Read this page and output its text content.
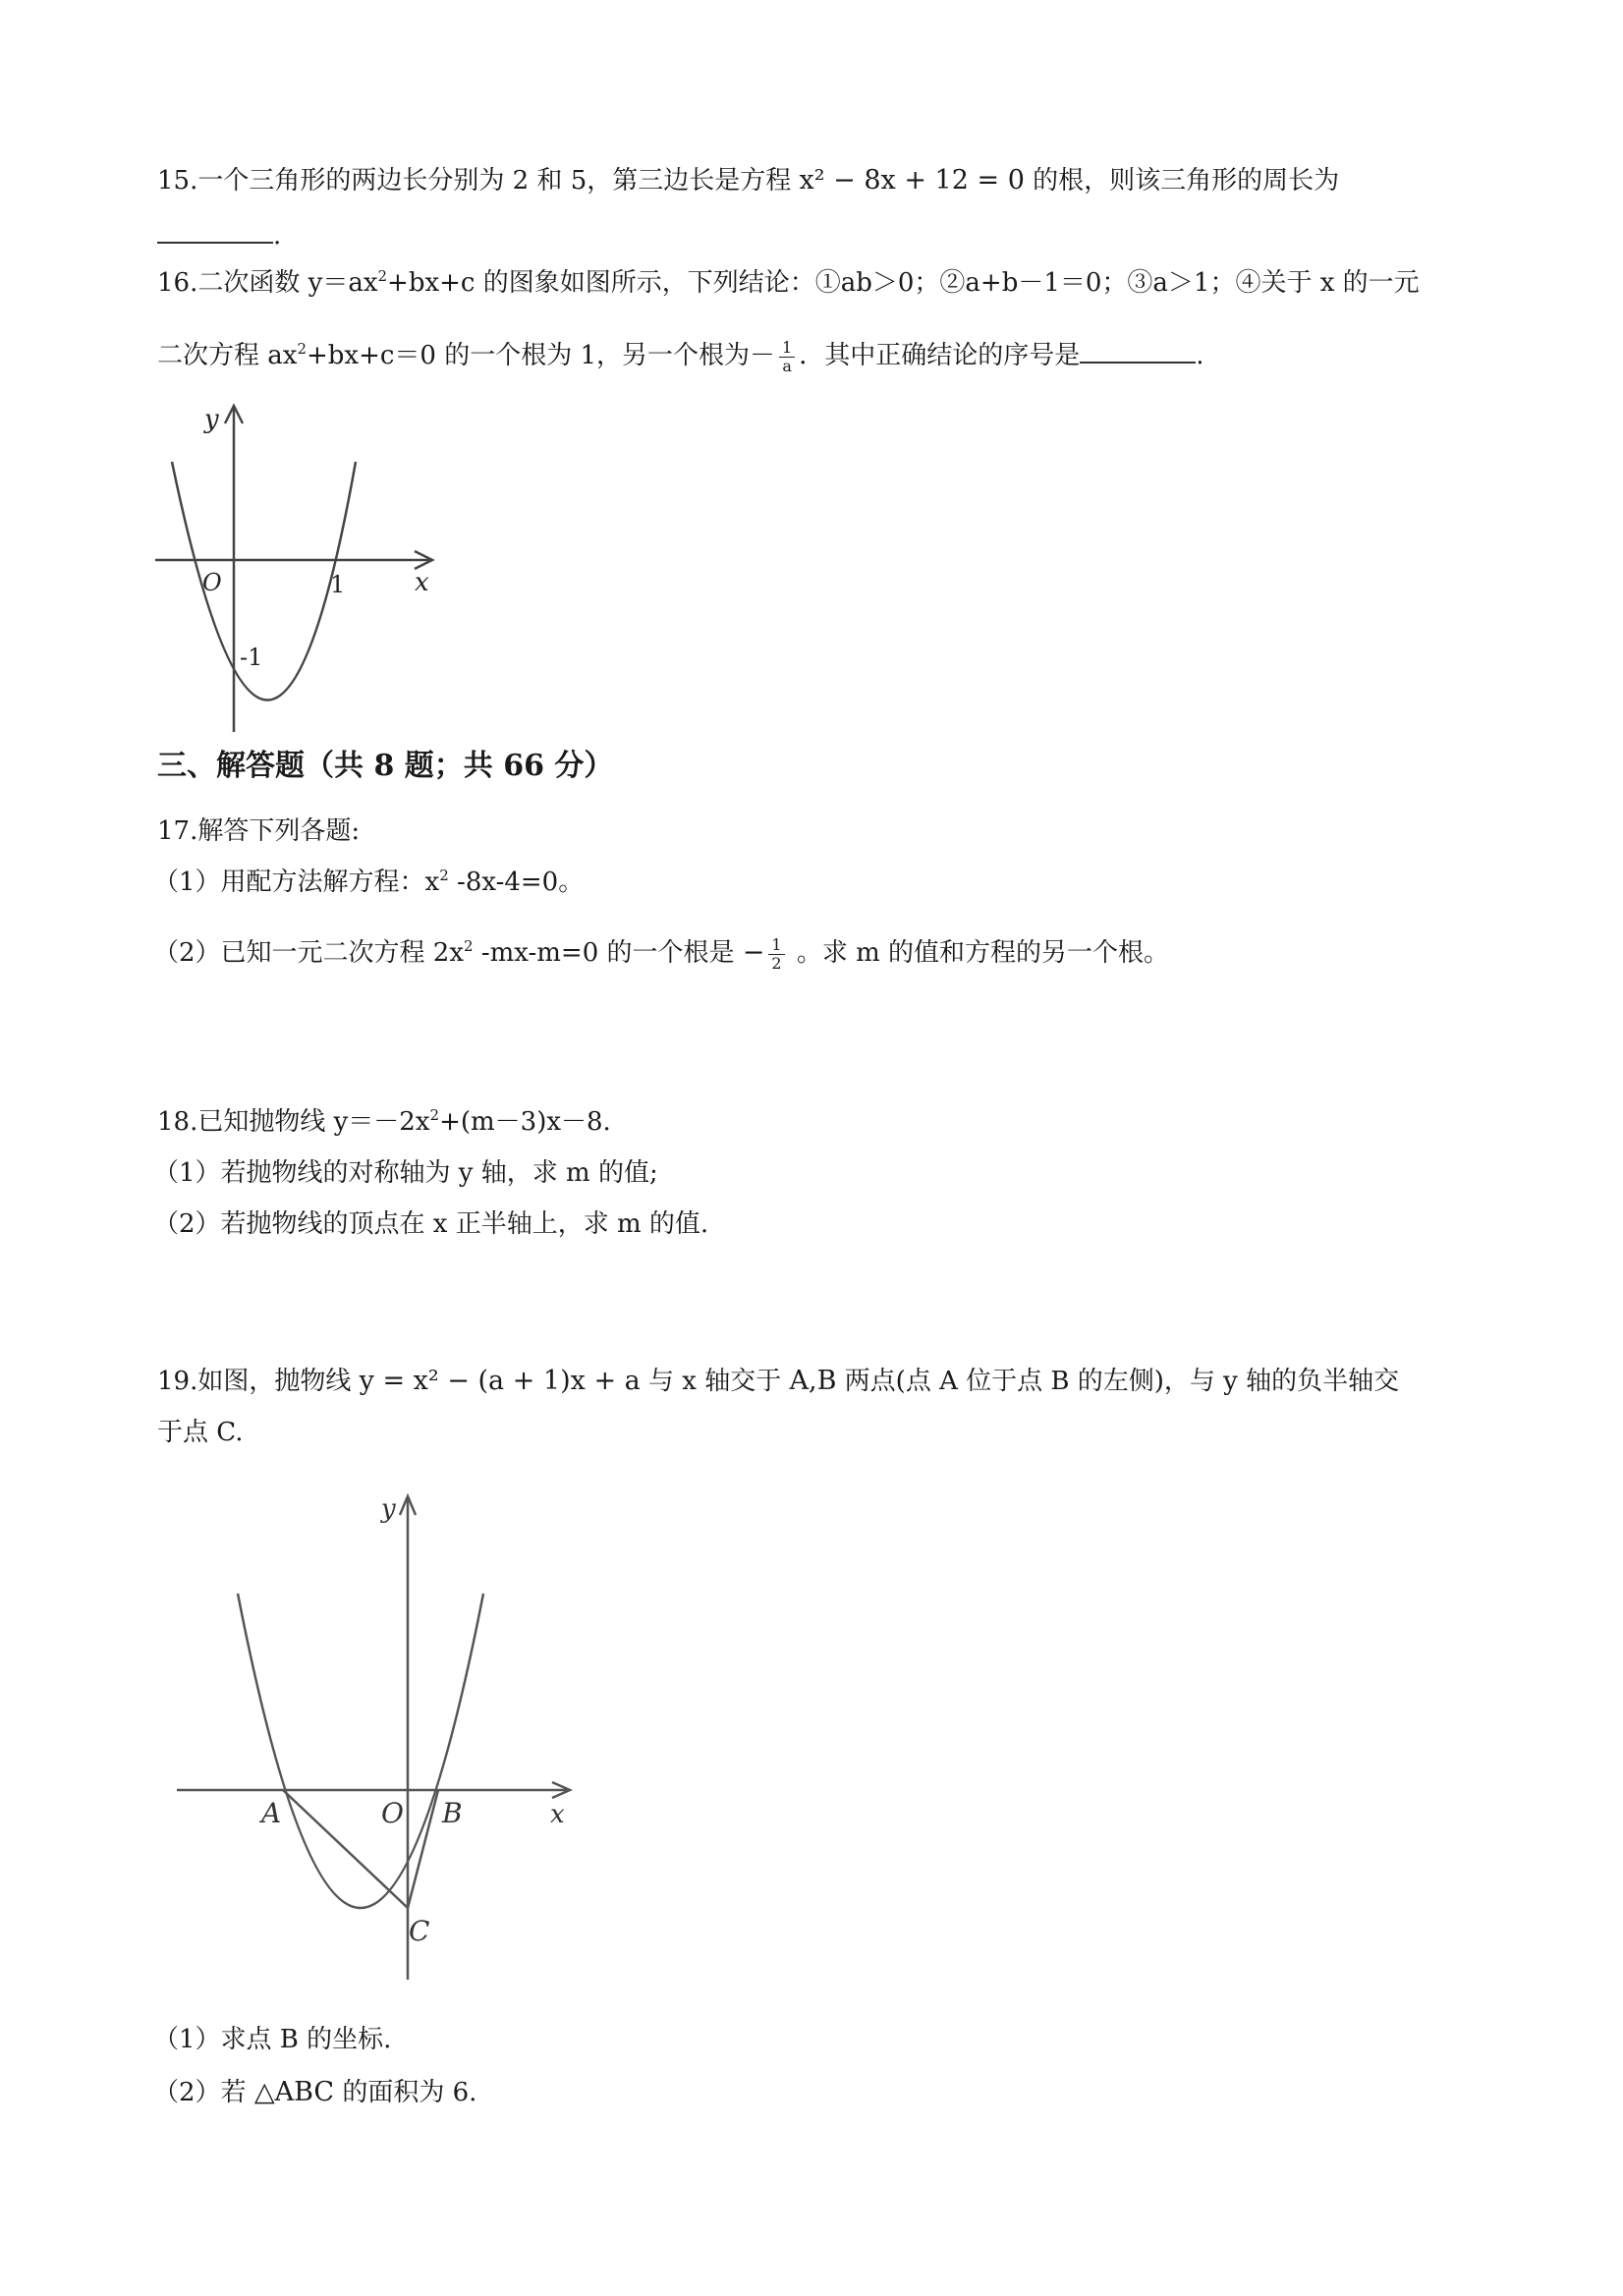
15.一个三角形的两边长分别为 2 和 5，第三边长是方程 x² − 8x + 12 = 0 的根，则该三角形的周长为
.
16.二次函数 $y=ax^2+bx+c$ 的图象如图所示，下列结论：①ab＞0；②a+b－1＝0；③a＞1；④关于 x 的一元
二次方程 $ax^2+bx+c=0$ 的一个根为 1，另一个根为－ $\frac{1}{a}$ ．其中正确结论的序号是	.
y
x
O	1
-1
三、解答题（共 8 题；共 66 分）
17.解答下列各题:
（1）用配方法解方程：$x^2$ -8x-4=0。
（2）已知一元二次方程 $2x^2$ -mx-m=0 的一个根是 − $\frac{1}{2}$ 。求 m 的值和方程的另一个根。
18.已知抛物线 $y=-2x^2+(m-3)x-8$.
（1）若抛物线的对称轴为 y 轴，求 m 的值;
（2）若抛物线的顶点在 x 正半轴上，求 m 的值.
19.如图，抛物线 y = x² − (a + 1)x + a 与 x 轴交于 A,B 两点(点 A 位于点 B 的左侧)，与 y 轴的负半轴交
于点 C.
y
x
O
A	B
C
（1）求点 B 的坐标.
（2）若 △ABC 的面积为 6.
